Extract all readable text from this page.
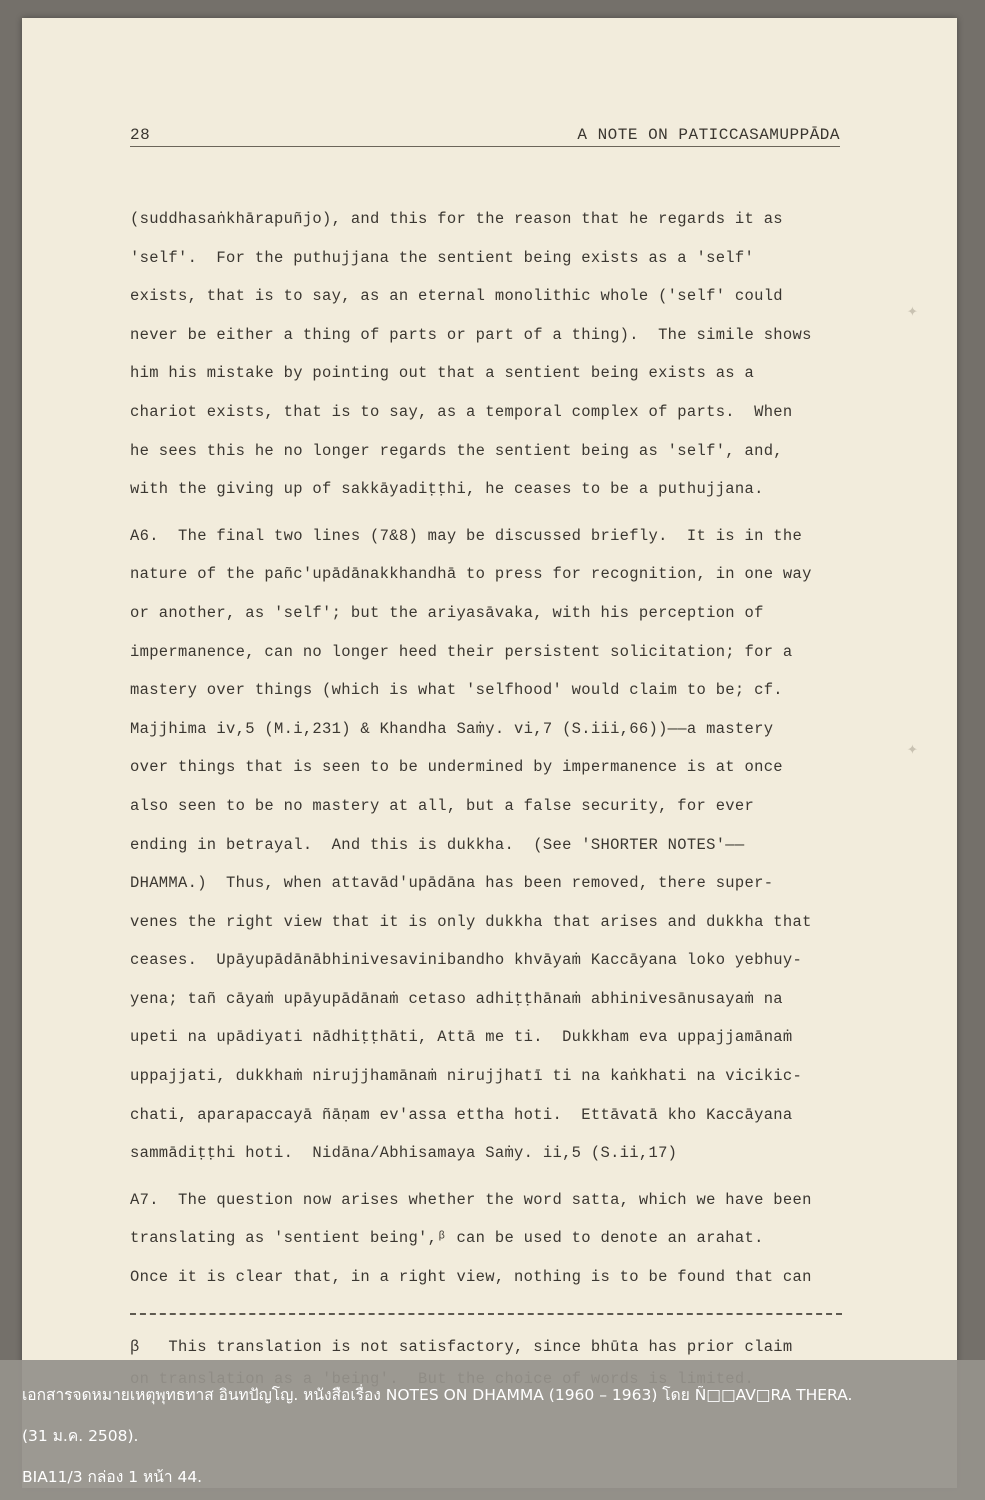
✦
✦
28	A NOTE ON PATICCASAMUPPĀDA
(suddhasaṅkhārapuñjo), and this for the reason that he regards it as
'self'.  For the puthujjana the sentient being exists as a 'self'
exists, that is to say, as an eternal monolithic whole ('self' could
never be either a thing of parts or part of a thing).  The simile shows
him his mistake by pointing out that a sentient being exists as a
chariot exists, that is to say, as a temporal complex of parts.  When
he sees this he no longer regards the sentient being as 'self', and,
with the giving up of sakkāyadiṭṭhi, he ceases to be a puthujjana.
A6.  The final two lines (7&8) may be discussed briefly.  It is in the
nature of the pañc'upādānakkhandhā to press for recognition, in one way
or another, as 'self'; but the ariyasāvaka, with his perception of
impermanence, can no longer heed their persistent solicitation; for a
mastery over things (which is what 'selfhood' would claim to be; cf.
Majjhima iv,5 (M.i,231) & Khandha Saṁy. vi,7 (S.iii,66))——a mastery
over things that is seen to be undermined by impermanence is at once
also seen to be no mastery at all, but a false security, for ever
ending in betrayal.  And this is dukkha.  (See 'SHORTER NOTES'——
DHAMMA.)  Thus, when attavād'upādāna has been removed, there super-
venes the right view that it is only dukkha that arises and dukkha that
ceases.  Upāyupādānābhinivesavinibandho khvāyaṁ Kaccāyana loko yebhuy-
yena; tañ cāyaṁ upāyupādānaṁ cetaso adhiṭṭhānaṁ abhinivesānusayaṁ na
upeti na upādiyati nādhiṭṭhāti, Attā me ti.  Dukkham eva uppajjamānaṁ
uppajjati, dukkhaṁ nirujjhamānaṁ nirujjhatī ti na kaṅkhati na vicikic-
chati, aparapaccayā ñāṇam ev'assa ettha hoti.  Ettāvatā kho Kaccāyana
sammādiṭṭhi hoti.  Nidāna/Abhisamaya Saṁy. ii,5 (S.ii,17)
A7.  The question now arises whether the word satta, which we have been
translating as 'sentient being',ᵝ can be used to denote an arahat.
Once it is clear that, in a right view, nothing is to be found that can
β   This translation is not satisfactory, since bhūta has prior claim
เอกสารจดหมายเหตุพุทธทาส อินทปัญโญ. หนังสือเรื่อง NOTES ON DHAMMA (1960 – 1963) โดย Ñ□□AV□RA THERA.
(31 ม.ค. 2508).
BIA11/3 กล่อง 1 หน้า 44.
